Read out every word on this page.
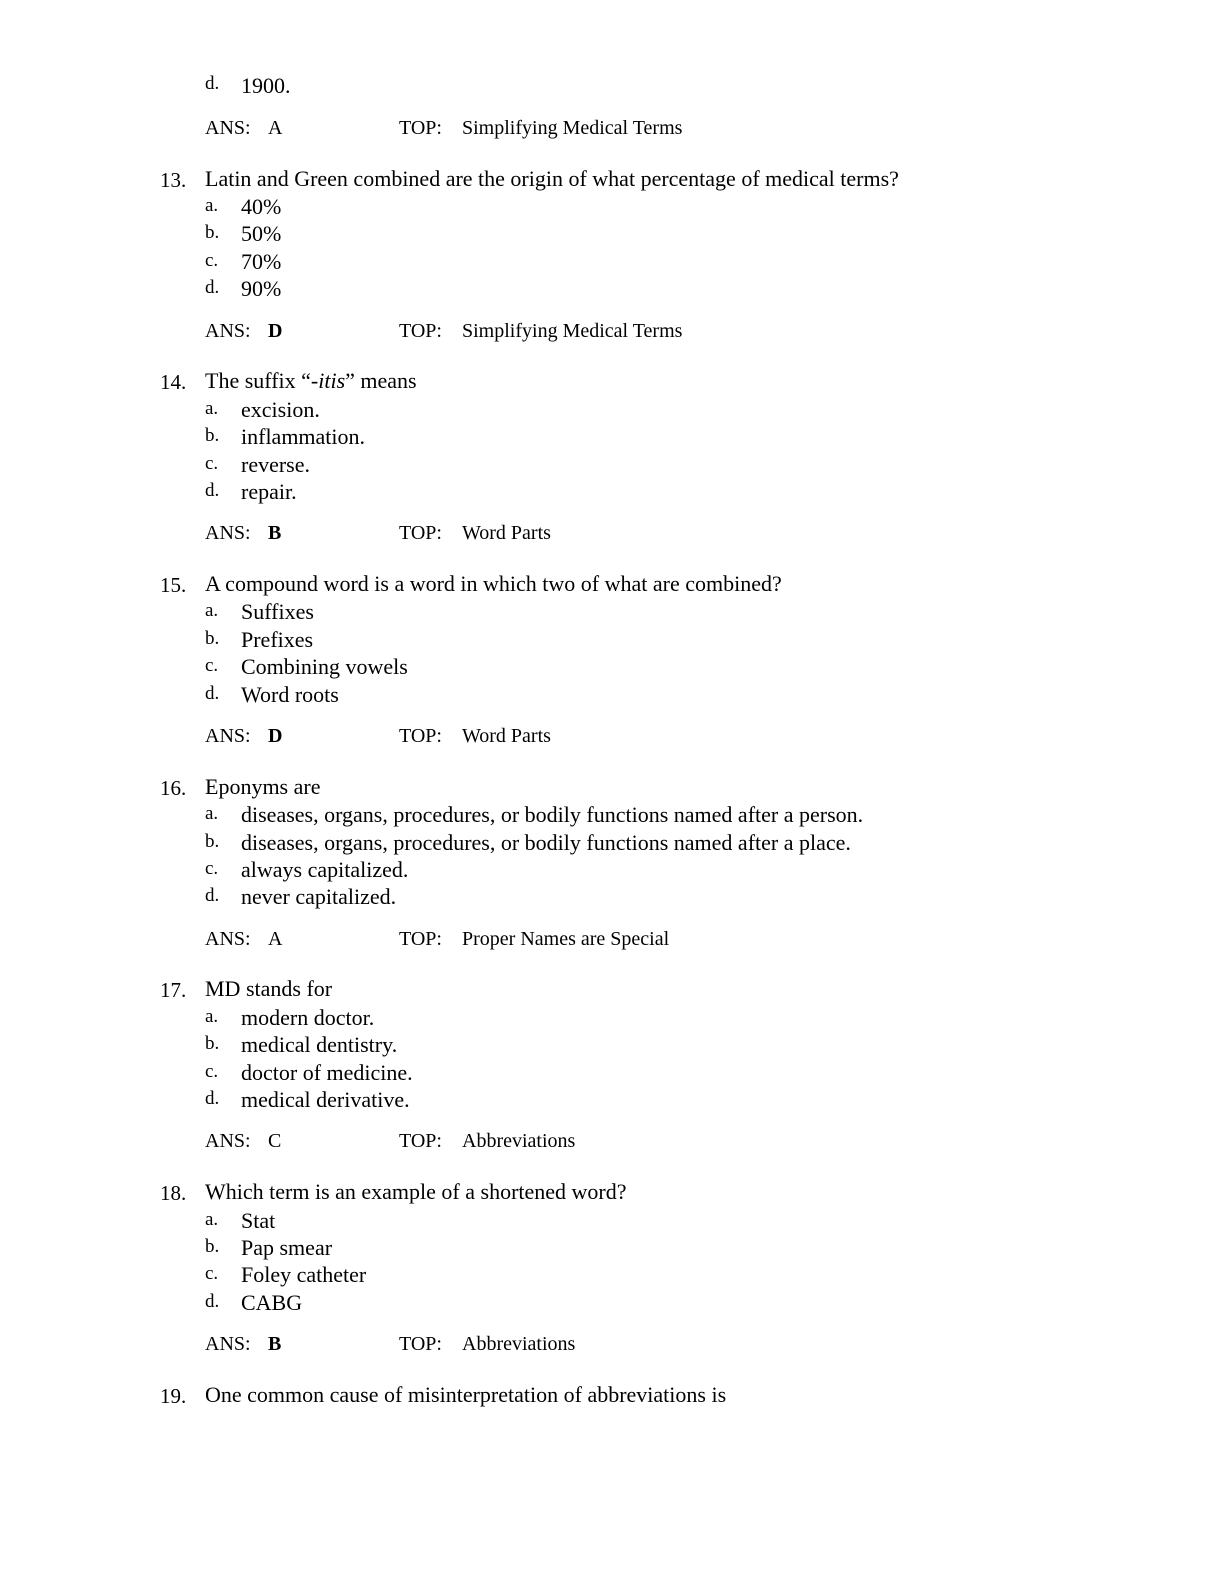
d. 1900.
ANS: A	TOP: Simplifying Medical Terms
13. Latin and Green combined are the origin of what percentage of medical terms?
a. 40%
b. 50%
c. 70%
d. 90%
ANS: D	TOP: Simplifying Medical Terms
14. The suffix “-itis” means
a. excision.
b. inflammation.
c. reverse.
d. repair.
ANS: B	TOP: Word Parts
15. A compound word is a word in which two of what are combined?
a. Suffixes
b. Prefixes
c. Combining vowels
d. Word roots
ANS: D	TOP: Word Parts
16. Eponyms are
a. diseases, organs, procedures, or bodily functions named after a person.
b. diseases, organs, procedures, or bodily functions named after a place.
c. always capitalized.
d. never capitalized.
ANS: A	TOP: Proper Names are Special
17. MD stands for
a. modern doctor.
b. medical dentistry.
c. doctor of medicine.
d. medical derivative.
ANS: C	TOP: Abbreviations
18. Which term is an example of a shortened word?
a. Stat
b. Pap smear
c. Foley catheter
d. CABG
ANS: B	TOP: Abbreviations
19. One common cause of misinterpretation of abbreviations is
